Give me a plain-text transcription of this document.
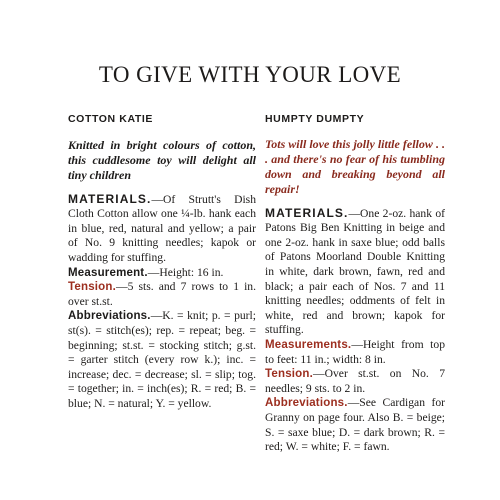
TO GIVE WITH YOUR LOVE

COTTON KATIE

Knitted in bright colours of cotton, this cuddlesome toy will delight all tiny children

MATERIALS.—Of Strutt's Dish Cloth Cotton allow one ¼-lb. hank each in blue, red, natural and yellow; a pair of No. 9 knitting needles; kapok or wadding for stuffing.

Measurement.—Height: 16 in.

Tension.—5 sts. and 7 rows to 1 in. over st.st.

Abbreviations.—K. = knit; p. = purl; st(s). = stitch(es); rep. = repeat; beg. = beginning; st.st. = stocking stitch; g.st. = garter stitch (every row k.); inc. = increase; dec. = decrease; sl. = slip; tog. = together; in. = inch(es); R. = red; B. = blue; N. = natural; Y. = yellow.

HUMPTY DUMPTY

Tots will love this jolly little fellow . . . and there's no fear of his tumbling down and breaking beyond all repair!

MATERIALS.—One 2-oz. hank of Patons Big Ben Knitting in beige and one 2-oz. hank in saxe blue; odd balls of Patons Moorland Double Knitting in white, dark brown, fawn, red and black; a pair each of Nos. 7 and 11 knitting needles; oddments of felt in white, red and brown; kapok for stuffing.

Measurements.—Height from top to feet: 11 in.; width: 8 in.

Tension.—Over st.st. on No. 7 needles; 9 sts. to 2 in.

Abbreviations.—See Cardigan for Granny on page four. Also B. = beige; S. = saxe blue; D. = dark brown; R. = red; W. = white; F. = fawn.
